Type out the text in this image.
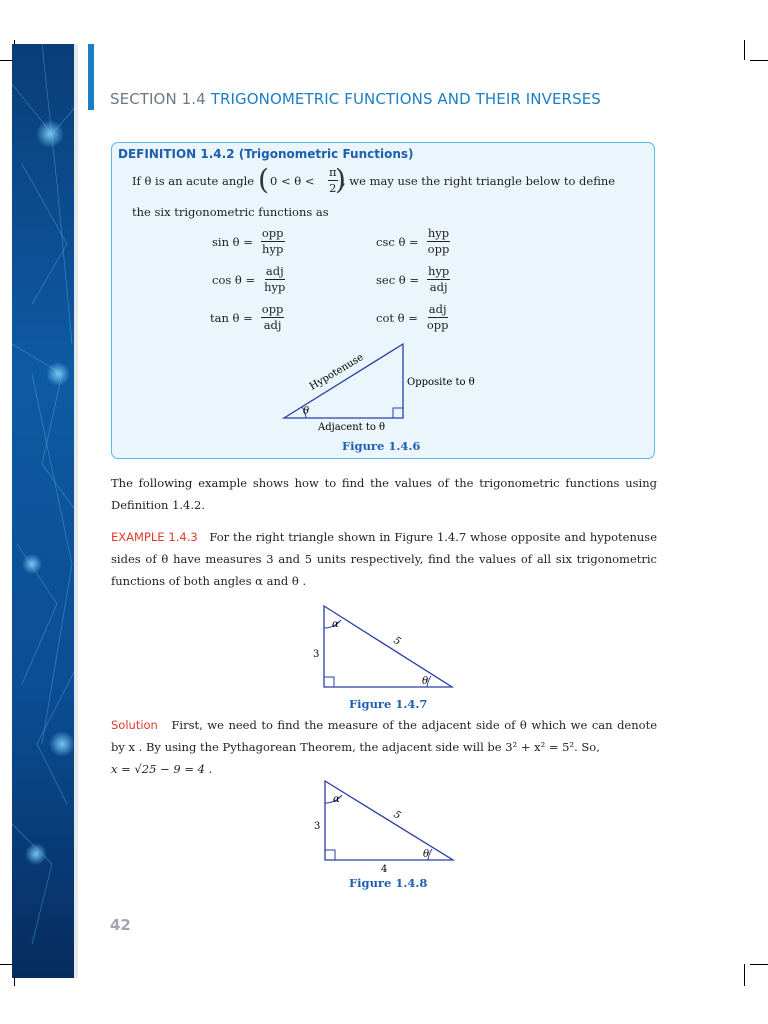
SECTION 1.4 TRIGONOMETRIC FUNCTIONS AND THEIR INVERSES
DEFINITION 1.4.2 (Trigonometric Functions)
If θ is an acute angle ( 0 < θ <
π
2
)
, we may use the right triangle below to define
the six trigonometric functions as
sin θ =
opp
hyp
csc θ =
hyp
opp
cos θ =
adj
hyp
sec θ =
hyp
adj
tan θ =
opp
adj
cot θ =
adj
opp
θ
Hypotenuse	Opposite to θ
Adjacent to θ
Figure 1.4.6
The following example shows how to find the values of the trigonometric functions using Definition 1.4.2.
EXAMPLE 1.4.3 For the right triangle shown in Figure 1.4.7 whose opposite and hypotenuse sides of θ have measures 3 and 5 units respectively, find the values of all six trigonometric functions of both angles α and θ .
α
θ
3
5
Figure 1.4.7
Solution First, we need to find the measure of the adjacent side of θ which we can denote by x . By using the Pythagorean Theorem, the adjacent side will be 3² + x² = 5². So,
x = √25 − 9 = 4 .
α
θ
3
5
4
Figure 1.4.8
42
